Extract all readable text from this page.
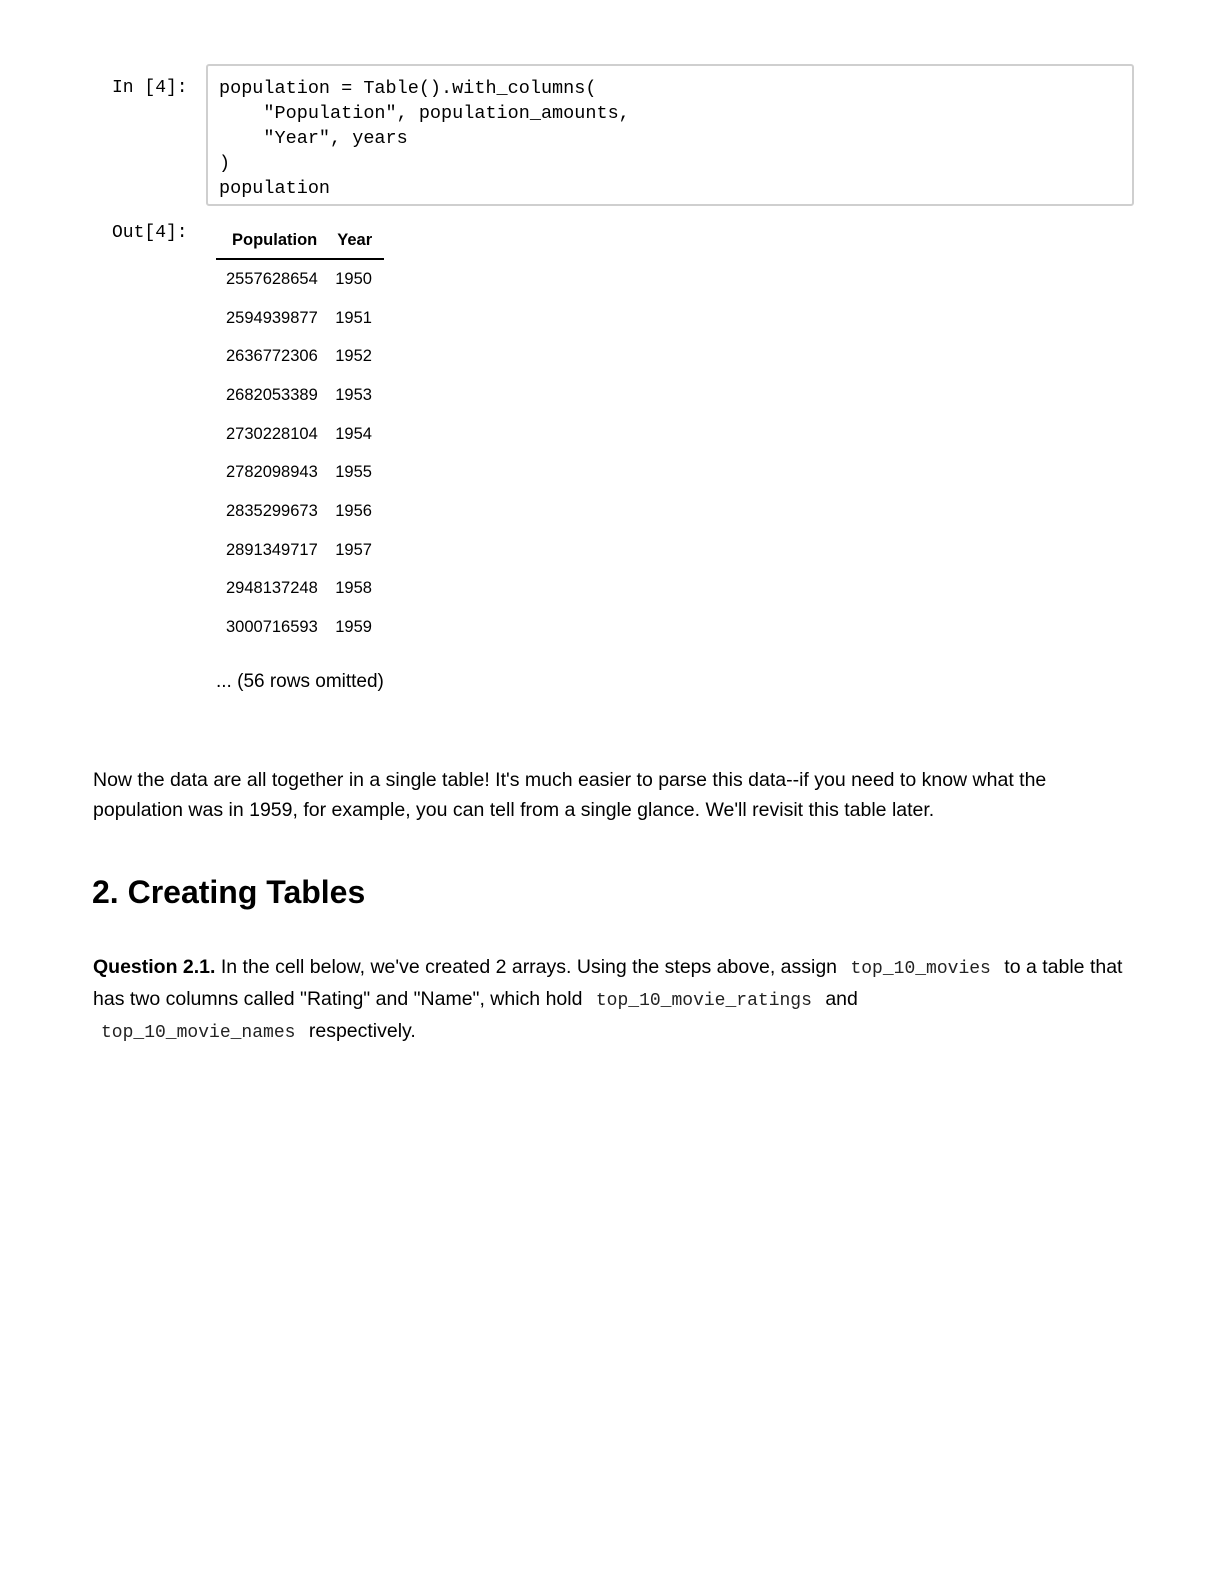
In [4]: population = Table().with_columns(
"Population", population_amounts,
"Year", years
)
population
Out[4]:	Population	Year
2557628654	1950
2594939877	1951
2636772306	1952
2682053389	1953
2730228104	1954
2782098943	1955
2835299673	1956
2891349717	1957
2948137248	1958
3000716593	1959
... (56 rows omitted)

Now the data are all together in a single table! It's much easier to parse this data--if you need to know what the population was in 1959, for example, you can tell from a single glance. We'll revisit this table later.

2. Creating Tables

Question 2.1. In the cell below, we've created 2 arrays. Using the steps above, assign top_10_movies to a table that has two columns called "Rating" and "Name", which hold top_10_movie_ratings and
top_10_movie_names respectively.
